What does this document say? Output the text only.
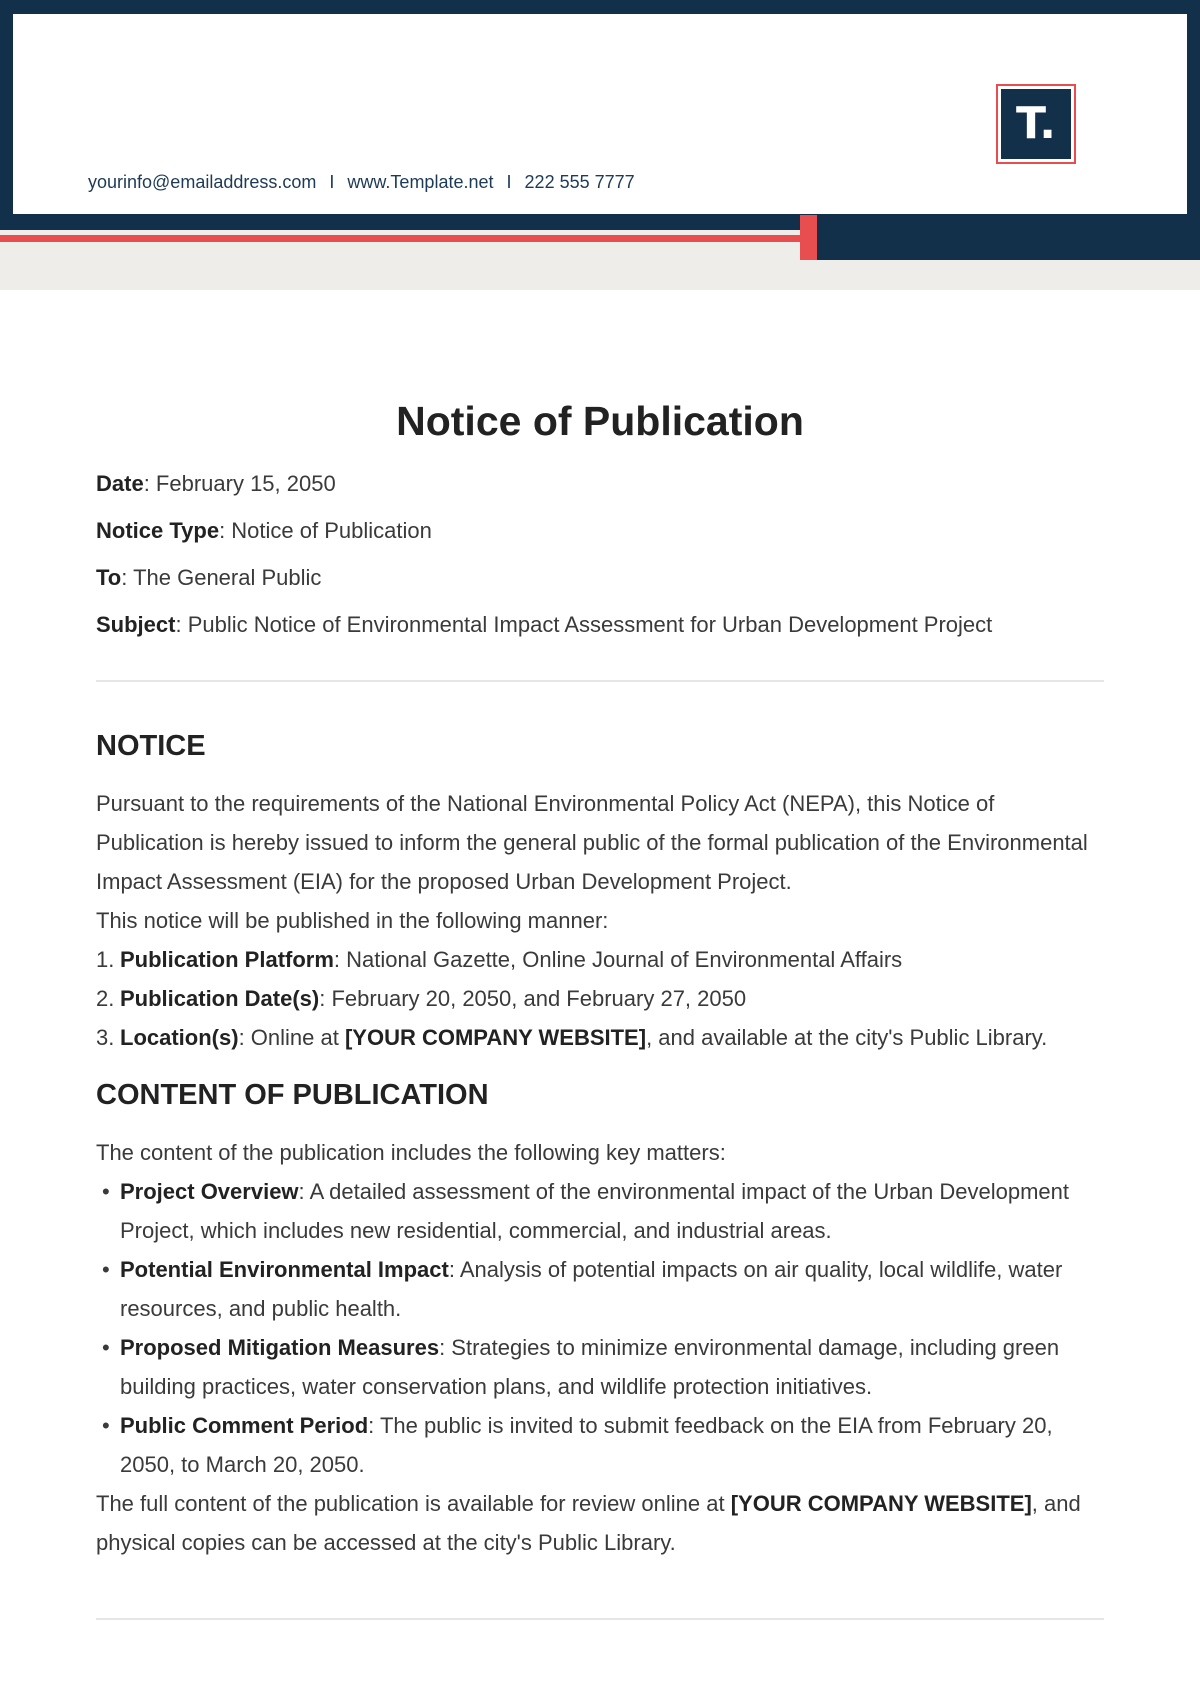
yourinfo@emailaddress.com I www.Template.net I 222 555 7777
T.
Notice of Publication
Date: February 15, 2050
Notice Type: Notice of Publication
To: The General Public
Subject: Public Notice of Environmental Impact Assessment for Urban Development Project
NOTICE

Pursuant to the requirements of the National Environmental Policy Act (NEPA), this Notice of Publication is hereby issued to inform the general public of the formal publication of the Environmental Impact Assessment (EIA) for the proposed Urban Development Project.

This notice will be published in the following manner:

1. Publication Platform: National Gazette, Online Journal of Environmental Affairs
2. Publication Date(s): February 20, 2050, and February 27, 2050
3. Location(s): Online at [YOUR COMPANY WEBSITE], and available at the city's Public Library.
CONTENT OF PUBLICATION

The content of the publication includes the following key matters:

• Project Overview: A detailed assessment of the environmental impact of the Urban Development Project, which includes new residential, commercial, and industrial areas.
• Potential Environmental Impact: Analysis of potential impacts on air quality, local wildlife, water resources, and public health.
• Proposed Mitigation Measures: Strategies to minimize environmental damage, including green building practices, water conservation plans, and wildlife protection initiatives.
• Public Comment Period: The public is invited to submit feedback on the EIA from February 20, 2050, to March 20, 2050.

The full content of the publication is available for review online at [YOUR COMPANY WEBSITE], and physical copies can be accessed at the city's Public Library.
